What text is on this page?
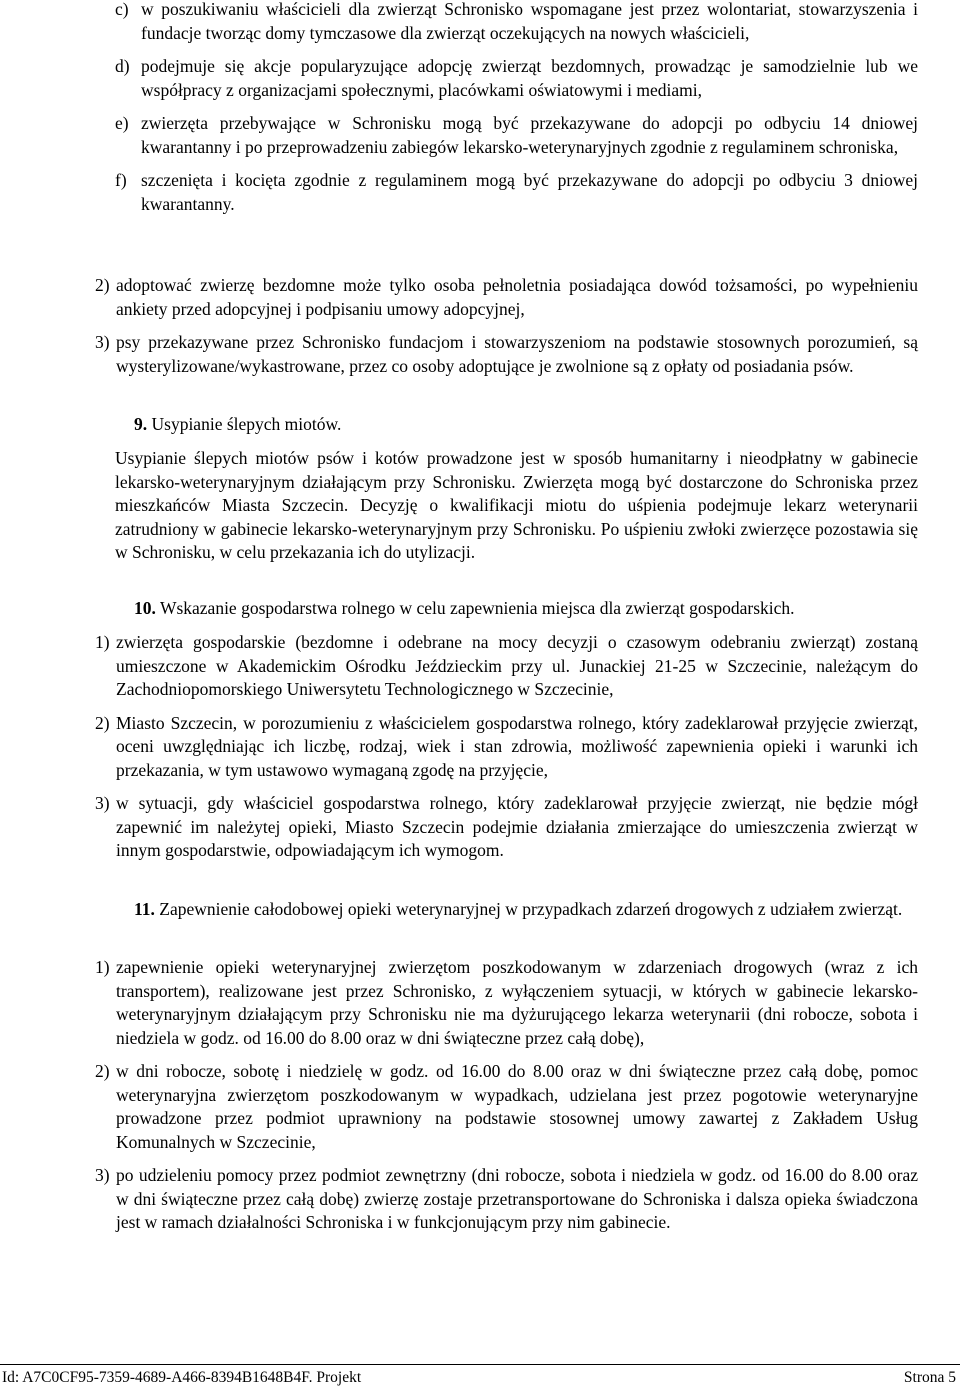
c) w poszukiwaniu właścicieli dla zwierząt Schronisko wspomagane jest przez wolontariat, stowarzyszenia i fundacje tworząc domy tymczasowe dla zwierząt oczekujących na nowych właścicieli,
d) podejmuje się akcje popularyzujące adopcję zwierząt bezdomnych, prowadząc je samodzielnie lub we współpracy z organizacjami społecznymi, placówkami oświatowymi i mediami,
e) zwierzęta przebywające w Schronisku mogą być przekazywane do adopcji po odbyciu 14 dniowej kwarantanny i po przeprowadzeniu zabiegów lekarsko-weterynaryjnych zgodnie z regulaminem schroniska,
f) szczenięta i kocięta zgodnie z regulaminem mogą być przekazywane do adopcji po odbyciu 3 dniowej kwarantanny.
2) adoptować zwierzę bezdomne może tylko osoba pełnoletnia posiadająca dowód tożsamości, po wypełnieniu ankiety przed adopcyjnej i podpisaniu umowy adopcyjnej,
3) psy przekazywane przez Schronisko fundacjom i stowarzyszeniom na podstawie stosownych porozumień, są wysterylizowane/wykastrowane, przez co osoby adoptujące je zwolnione są z opłaty od posiadania psów.
9. Usypianie ślepych miotów.
Usypianie ślepych miotów psów i kotów prowadzone jest w sposób humanitarny i nieodpłatny w gabinecie lekarsko-weterynaryjnym działającym przy Schronisku. Zwierzęta mogą być dostarczone do Schroniska przez mieszkańców Miasta Szczecin. Decyzję o kwalifikacji miotu do uśpienia podejmuje lekarz weterynarii zatrudniony w gabinecie lekarsko-weterynaryjnym przy Schronisku. Po uśpieniu zwłoki zwierzęce pozostawia się w Schronisku, w celu przekazania ich do utylizacji.
10. Wskazanie gospodarstwa rolnego w celu zapewnienia miejsca dla zwierząt gospodarskich.
1) zwierzęta gospodarskie (bezdomne i odebrane na mocy decyzji o czasowym odebraniu zwierząt) zostaną umieszczone w Akademickim Ośrodku Jeździeckim przy ul. Junackiej 21-25 w Szczecinie, należącym do Zachodniopomorskiego Uniwersytetu Technologicznego w Szczecinie,
2) Miasto Szczecin, w porozumieniu z właścicielem gospodarstwa rolnego, który zadeklarował przyjęcie zwierząt, oceni uwzględniając ich liczbę, rodzaj, wiek i stan zdrowia, możliwość zapewnienia opieki i warunki ich przekazania, w tym ustawowo wymaganą zgodę na przyjęcie,
3) w sytuacji, gdy właściciel gospodarstwa rolnego, który zadeklarował przyjęcie zwierząt, nie będzie mógł zapewnić im należytej opieki, Miasto Szczecin podejmie działania zmierzające do umieszczenia zwierząt w innym gospodarstwie, odpowiadającym ich wymogom.
11. Zapewnienie całodobowej opieki weterynaryjnej w przypadkach zdarzeń drogowych z udziałem zwierząt.
1) zapewnienie opieki weterynaryjnej zwierzętom poszkodowanym w zdarzeniach drogowych (wraz z ich transportem), realizowane jest przez Schronisko, z wyłączeniem sytuacji, w których w gabinecie lekarsko-weterynaryjnym działającym przy Schronisku nie ma dyżurującego lekarza weterynarii (dni robocze, sobota i niedziela w godz. od 16.00 do 8.00 oraz w dni świąteczne przez całą dobę),
2) w dni robocze, sobotę i niedzielę w godz. od 16.00 do 8.00 oraz w dni świąteczne przez całą dobę, pomoc weterynaryjna zwierzętom poszkodowanym w wypadkach, udzielana jest przez pogotowie weterynaryjne prowadzone przez podmiot uprawniony na podstawie stosownej umowy zawartej z Zakładem Usług Komunalnych w Szczecinie,
3) po udzieleniu pomocy przez podmiot zewnętrzny (dni robocze, sobota i niedziela w godz. od 16.00 do 8.00 oraz w dni świąteczne przez całą dobę) zwierzę zostaje przetransportowane do Schroniska i dalsza opieka świadczona jest w ramach działalności Schroniska i w funkcjonującym przy nim gabinecie.
Id: A7C0CF95-7359-4689-A466-8394B1648B4F. Projekt	Strona 5
